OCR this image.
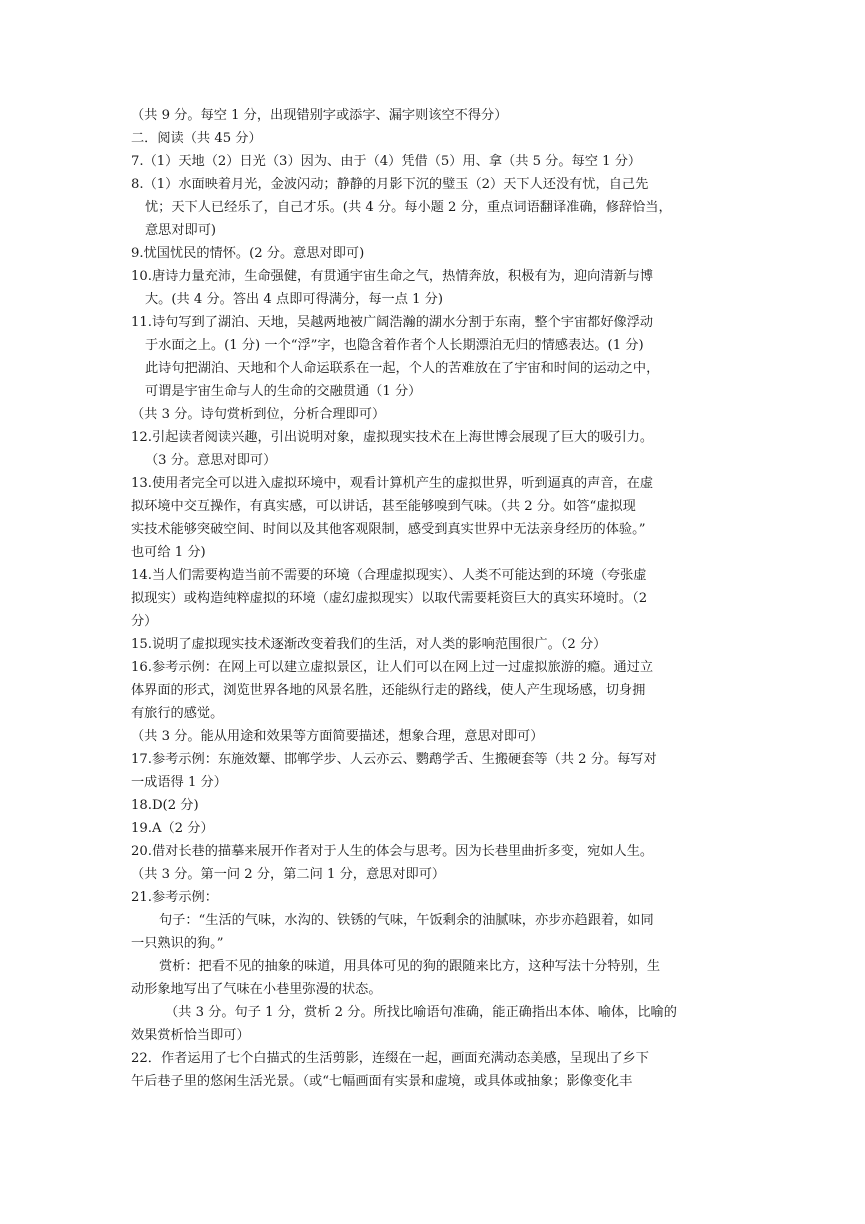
（共 9 分。每空 1 分，出现错别字或添字、漏字则该空不得分）
二．阅读（共 45 分）
7.（1）天地（2）日光（3）因为、由于（4）凭借（5）用、拿（共 5 分。每空 1 分）
8.（1）水面映着月光，金波闪动；静静的月影下沉的璧玉（2）天下人还没有忧，自己先
忧；天下人已经乐了，自己才乐。(共 4 分。每小题 2 分，重点词语翻译准确，修辞恰当，
意思对即可)
9.忧国忧民的情怀。(2 分。意思对即可)
10.唐诗力量充沛，生命强健，有贯通宇宙生命之气，热情奔放，积极有为，迎向清新与博
大。(共 4 分。答出 4 点即可得满分，每一点 1 分)
11.诗句写到了湖泊、天地，吴越两地被广阔浩瀚的湖水分割于东南，整个宇宙都好像浮动
于水面之上。(1 分) 一个“浮”字，也隐含着作者个人长期漂泊无归的情感表达。(1 分)
此诗句把湖泊、天地和个人命运联系在一起，个人的苦难放在了宇宙和时间的运动之中，
可谓是宇宙生命与人的生命的交融贯通（1 分）
（共 3 分。诗句赏析到位，分析合理即可）
12.引起读者阅读兴趣，引出说明对象，虚拟现实技术在上海世博会展现了巨大的吸引力。
（3 分。意思对即可）
13.使用者完全可以进入虚拟环境中，观看计算机产生的虚拟世界，听到逼真的声音，在虚
拟环境中交互操作，有真实感，可以讲话，甚至能够嗅到气味。（共 2 分。如答“虚拟现
实技术能够突破空间、时间以及其他客观限制，感受到真实世界中无法亲身经历的体验。”
也可给 1 分)
14.当人们需要构造当前不需要的环境（合理虚拟现实）、人类不可能达到的环境（夸张虚
拟现实）或构造纯粹虚拟的环境（虚幻虚拟现实）以取代需要耗资巨大的真实环境时。（2
分）
15.说明了虚拟现实技术逐渐改变着我们的生活，对人类的影响范围很广。（2 分）
16.参考示例：在网上可以建立虚拟景区，让人们可以在网上过一过虚拟旅游的瘾。通过立
体界面的形式，浏览世界各地的风景名胜，还能纵行走的路线，使人产生现场感，切身拥
有旅行的感觉。
（共 3 分。能从用途和效果等方面简要描述，想象合理，意思对即可）
17.参考示例：东施效颦、邯郸学步、人云亦云、鹦鹉学舌、生搬硬套等（共 2 分。每写对
一成语得 1 分）
18.D(2 分)
19.A（2 分）
20.借对长巷的描摹来展开作者对于人生的体会与思考。因为长巷里曲折多变，宛如人生。
（共 3 分。第一问 2 分，第二问 1 分，意思对即可）
21.参考示例：
句子：“生活的气味，水沟的、铁锈的气味，午饭剩余的油腻味，亦步亦趋跟着，如同
一只熟识的狗。”
赏析：把看不见的抽象的味道，用具体可见的狗的跟随来比方，这种写法十分特别，生
动形象地写出了气味在小巷里弥漫的状态。
（共 3 分。句子 1 分，赏析 2 分。所找比喻语句准确，能正确指出本体、喻体，比喻的
效果赏析恰当即可）
22．作者运用了七个白描式的生活剪影，连缀在一起，画面充满动态美感，呈现出了乡下
午后巷子里的悠闲生活光景。（或“七幅画面有实景和虚境，或具体或抽象；影像变化丰
